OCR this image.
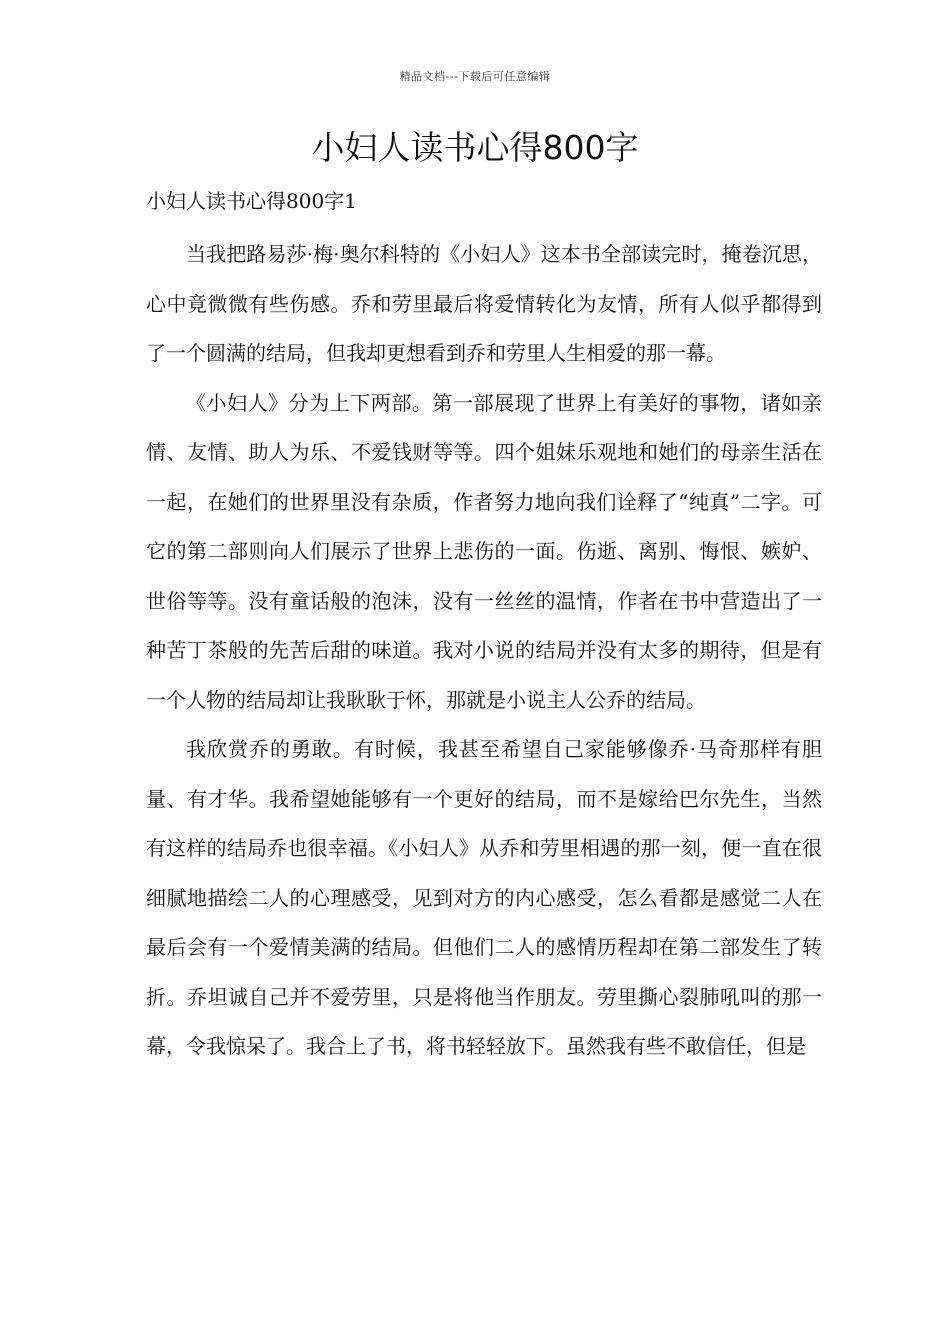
精品文档---下载后可任意编辑
小妇人读书心得800字
小妇人读书心得800字1

当我把路易莎·梅·奥尔科特的《小妇人》这本书全部读完时，掩卷沉思，心中竟微微有些伤感。乔和劳里最后将爱情转化为友情，所有人似乎都得到了一个圆满的结局，但我却更想看到乔和劳里人生相爱的那一幕。

《小妇人》分为上下两部。第一部展现了世界上有美好的事物，诸如亲情、友情、助人为乐、不爱钱财等等。四个姐妹乐观地和她们的母亲生活在一起，在她们的世界里没有杂质，作者努力地向我们诠释了“纯真”二字。可它的第二部则向人们展示了世界上悲伤的一面。伤逝、离别、悔恨、嫉妒、世俗等等。没有童话般的泡沫，没有一丝丝的温情，作者在书中营造出了一种苦丁茶般的先苦后甜的味道。我对小说的结局并没有太多的期待，但是有一个人物的结局却让我耿耿于怀，那就是小说主人公乔的结局。

我欣赏乔的勇敢。有时候，我甚至希望自己家能够像乔·马奇那样有胆量、有才华。我希望她能够有一个更好的结局，而不是嫁给巴尔先生，当然有这样的结局乔也很幸福。《小妇人》从乔和劳里相遇的那一刻，便一直在很细腻地描绘二人的心理感受，见到对方的内心感受，怎么看都是感觉二人在最后会有一个爱情美满的结局。但他们二人的感情历程却在第二部发生了转折。乔坦诚自己并不爱劳里，只是将他当作朋友。劳里撕心裂肺吼叫的那一幕，令我惊呆了。我合上了书，将书轻轻放下。虽然我有些不敢信任，但是
